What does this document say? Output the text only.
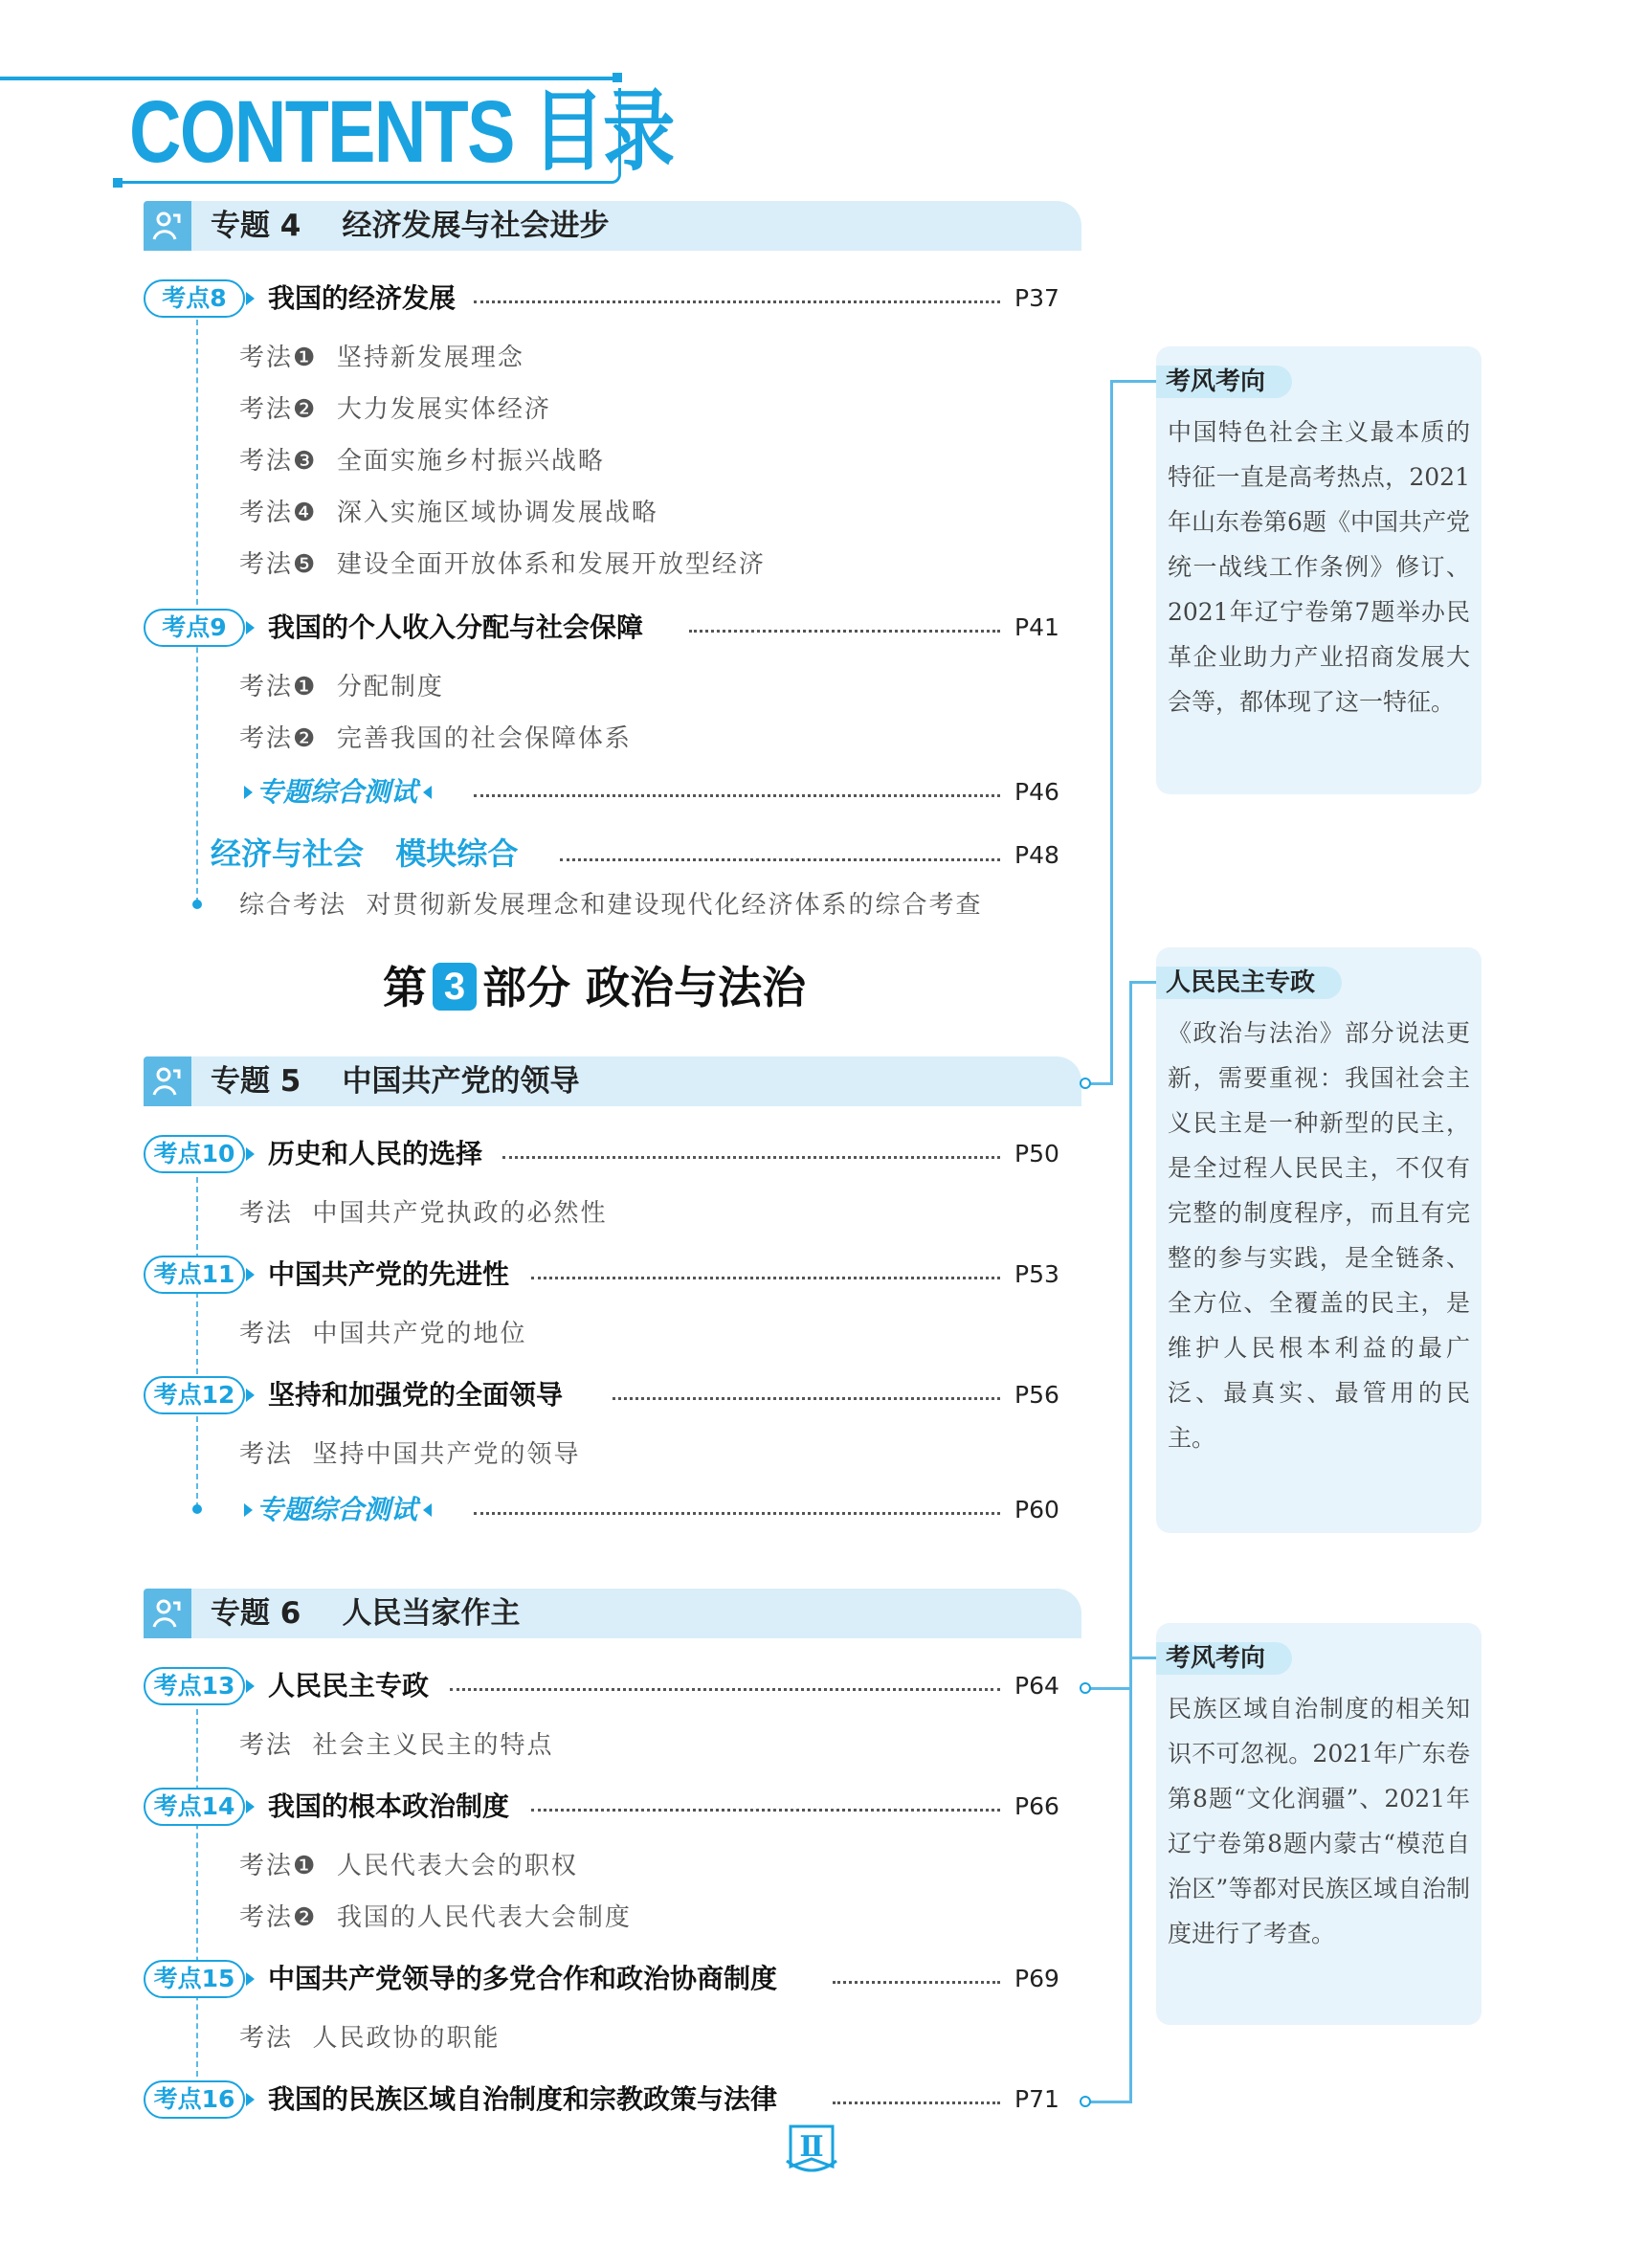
CONTENTS 目录
专题 4    经济发展与社会进步
考点8	我国的经济发展	P37
考法❶  坚持新发展理念
考法❷  大力发展实体经济
考法❸  全面实施乡村振兴战略
考法❹  深入实施区域协调发展战略
考法❺  建设全面开放体系和发展开放型经济
考点9	我国的个人收入分配与社会保障	P41
考法❶  分配制度
考法❷  完善我国的社会保障体系
专题综合测试	P46
经济与社会   模块综合	P48
综合考法  对贯彻新发展理念和建设现代化经济体系的综合考查
第 3 部分 政治与法治
专题 5    中国共产党的领导
考点10	历史和人民的选择	P50
考法  中国共产党执政的必然性
考点11	中国共产党的先进性	P53
考法  中国共产党的地位
考点12	坚持和加强党的全面领导	P56
考法  坚持中国共产党的领导
专题综合测试	P60
专题 6    人民当家作主
考点13	人民民主专政	P64
考法  社会主义民主的特点
考点14	我国的根本政治制度	P66
考法❶  人民代表大会的职权
考法❷  我国的人民代表大会制度
考点15	中国共产党领导的多党合作和政治协商制度	P69
考法  人民政协的职能
考点16	我国的民族区域自治制度和宗教政策与法律	P71
考风考向
中国特色社会主义最本质的特征一直是高考热点，2021年山东卷第6题《中国共产党统一战线工作条例》修订、2021年辽宁卷第7题举办民革企业助力产业招商发展大会等，都体现了这一特征。
人民民主专政
《政治与法治》部分说法更新，需要重视：我国社会主义民主是一种新型的民主，是全过程人民民主，不仅有完整的制度程序，而且有完整的参与实践，是全链条、全方位、全覆盖的民主，是维护人民根本利益的最广泛、最真实、最管用的民主。
考风考向
民族区域自治制度的相关知识不可忽视。2021年广东卷第8题“文化润疆”、2021年辽宁卷第8题内蒙古“模范自治区”等都对民族区域自治制度进行了考查。
Ⅱ
